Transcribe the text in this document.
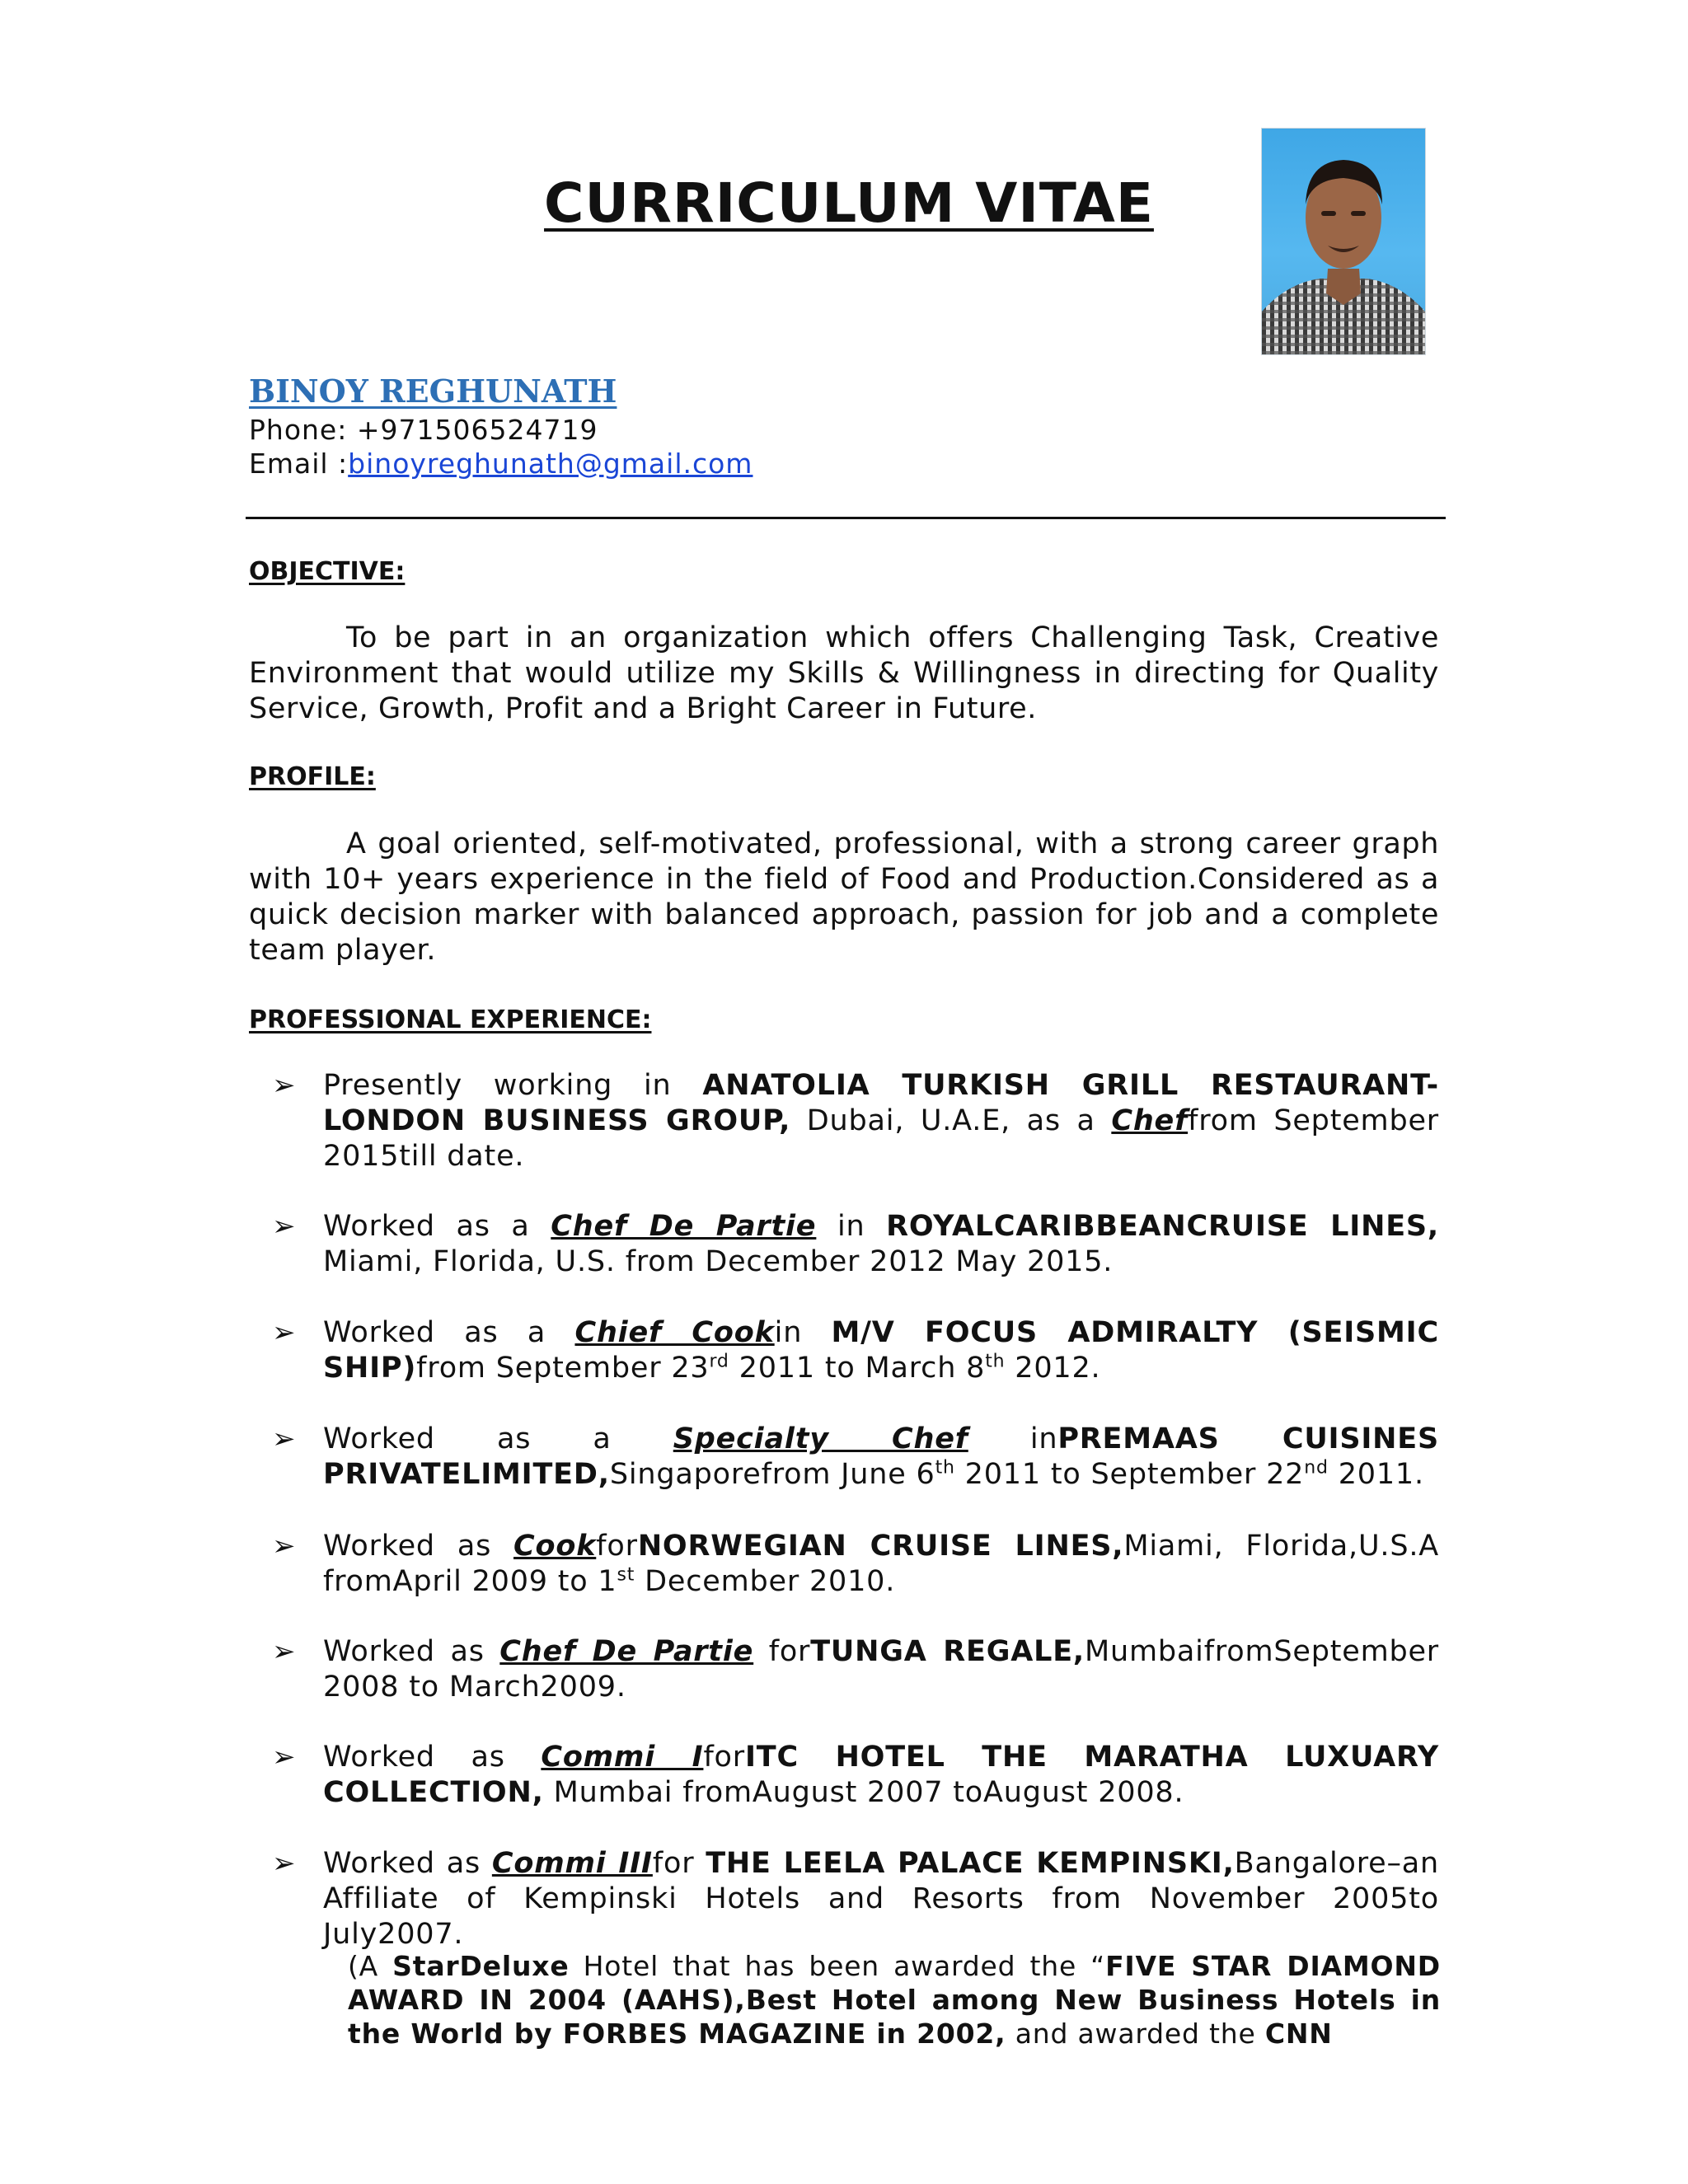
CURRICULUM VITAE
BINOY REGHUNATH
Phone: +971506524719
Email :binoyreghunath@gmail.com
OBJECTIVE:
To be part in an organization which offers Challenging Task, Creative Environment that would utilize my Skills & Willingness in directing for Quality Service, Growth, Profit and a Bright Career in Future.
PROFILE:
A goal oriented, self-motivated, professional, with a strong career graph with 10+ years experience in the field of Food and Production.Considered as a quick decision marker with balanced approach, passion for job and a complete team player.
PROFESSIONAL EXPERIENCE:
➢ Presently working in ANATOLIA TURKISH GRILL RESTAURANT-LONDON BUSINESS GROUP, Dubai, U.A.E, as a Cheffrom September 2015till date.
➢ Worked as a Chef De Partie in ROYALCARIBBEANCRUISE LINES, Miami, Florida, U.S. from December 2012 May 2015.
➢ Worked as a Chief Cookin M/V FOCUS ADMIRALTY (SEISMIC SHIP)from September 23rd 2011 to March 8th 2012.
➢ Worked as a Specialty Chef inPREMAAS CUISINES PRIVATELIMITED,Singaporefrom June 6th 2011 to September 22nd 2011.
➢ Worked as CookforNORWEGIAN CRUISE LINES,Miami, Florida,U.S.A fromApril 2009 to 1st December 2010.
➢ Worked as Chef De Partie forTUNGA REGALE,MumbaifromSeptember 2008 to March2009.
➢ Worked as Commi IforITC HOTEL THE MARATHA LUXUARY COLLECTION, Mumbai fromAugust 2007 toAugust 2008.
➢ Worked as Commi IIIfor THE LEELA PALACE KEMPINSKI,Bangalore–an Affiliate of Kempinski Hotels and Resorts from November 2005to July2007.
(A StarDeluxe Hotel that has been awarded the “FIVE STAR DIAMOND AWARD IN 2004 (AAHS),Best Hotel among New Business Hotels in the World by FORBES MAGAZINE in 2002, and awarded the CNN
